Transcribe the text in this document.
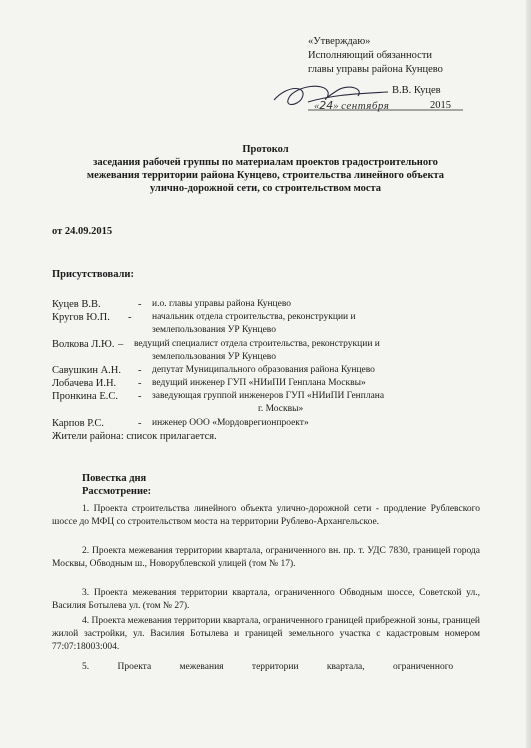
«Утверждаю»
Исполняющий обязанности
главы управы района Кунцево
В.В. Куцев
«24» сентября	2015
Протокол
заседания рабочей группы по материалам проектов градостроительного
межевания территории района Кунцево, строительства линейного объекта
улично-дорожной сети, со строительством моста
от 24.09.2015
Присутствовали:
Куцев В.В.	- и.о. главы управы района Кунцево
Кругов Ю.П. - начальник отдела строительства, реконструкции и
землепользования УР Кунцево
Волкова Л.Ю. – ведущий специалист отдела строительства, реконструкции и
землепользования УР Кунцево
Савушкин А.Н. - депутат Муниципального образования района Кунцево
Лобачева И.Н. - ведущий инженер ГУП «НИиПИ Генплана Москвы»
Пронкина Е.С. - заведующая группой инженеров ГУП «НИиПИ Генплана
г. Москвы»
Карпов Р.С.	- инженер ООО «Мордоврегионпроект»
Жители района: список прилагается.
Повестка дня
Рассмотрение:
1. Проекта строительства линейного объекта улично-дорожной сети - продление Рублевского шоссе до МФЦ со строительством моста на территории Рублево-Архангельское.
2. Проекта межевания территории квартала, ограниченного вн. пр. т. УДС 7830, границей города Москвы, Обводным ш., Новорублевской улицей (том № 17).
3. Проекта межевания территории квартала, ограниченного Обводным шоссе, Советской ул., Василия Ботылева ул. (том № 27).
4. Проекта межевания территории квартала, ограниченного границей прибрежной зоны, границей жилой застройки, ул. Василия Ботылева и границей земельного участка с кадастровым номером 77:07:18003:004.
5. Проекта межевания территории квартала, ограниченного
